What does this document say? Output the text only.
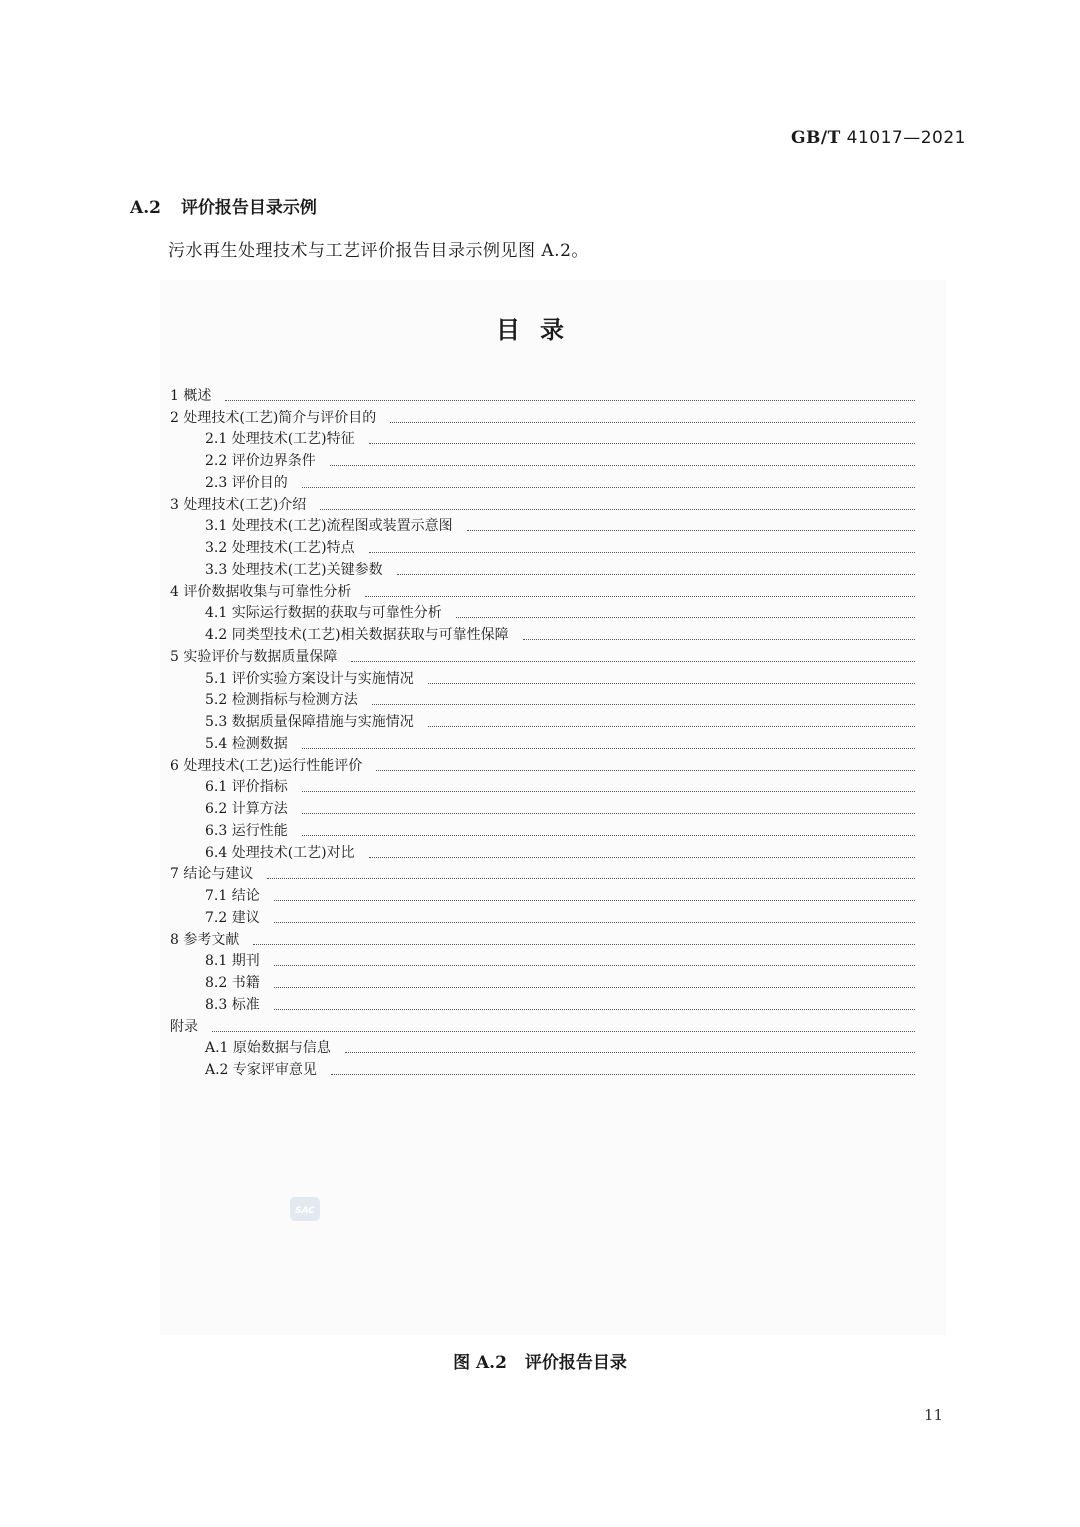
GB/T 41017—2021
A.2 评价报告目录示例
污水再生处理技术与工艺评价报告目录示例见图 A.2。
目录
1 概述
2 处理技术(工艺)简介与评价目的
2.1 处理技术(工艺)特征
2.2 评价边界条件
2.3 评价目的
3 处理技术(工艺)介绍
3.1 处理技术(工艺)流程图或装置示意图
3.2 处理技术(工艺)特点
3.3 处理技术(工艺)关键参数
4 评价数据收集与可靠性分析
4.1 实际运行数据的获取与可靠性分析
4.2 同类型技术(工艺)相关数据获取与可靠性保障
5 实验评价与数据质量保障
5.1 评价实验方案设计与实施情况
5.2 检测指标与检测方法
5.3 数据质量保障措施与实施情况
5.4 检测数据
6 处理技术(工艺)运行性能评价
6.1 评价指标
6.2 计算方法
6.3 运行性能
6.4 处理技术(工艺)对比
7 结论与建议
7.1 结论
7.2 建议
8 参考文献
8.1 期刊
8.2 书籍
8.3 标准
附录
A.1 原始数据与信息
A.2 专家评审意见
SAC
图 A.2 评价报告目录
11
